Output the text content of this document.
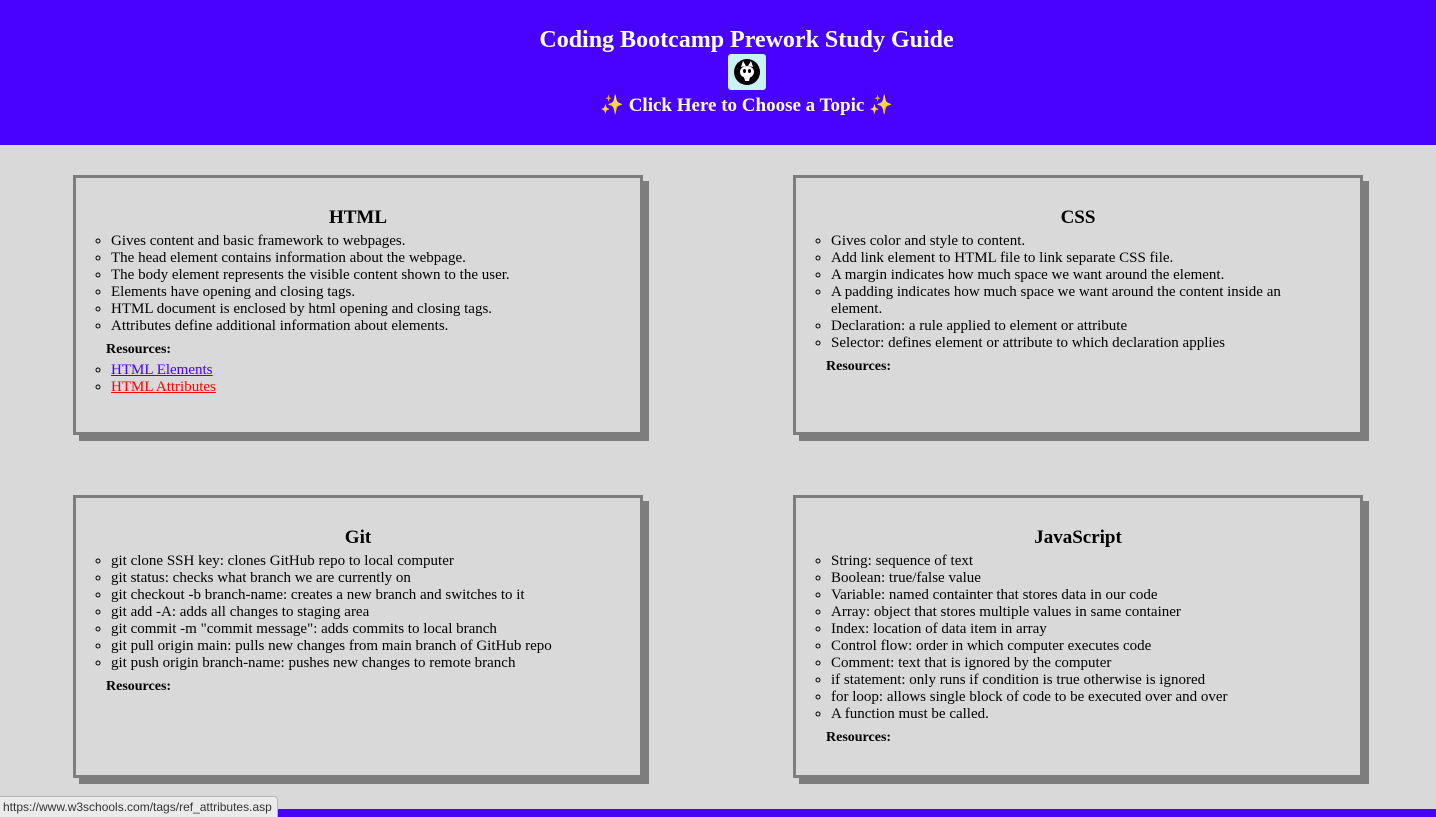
Coding Bootcamp Prework Study Guide
✨ Click Here to Choose a Topic ✨
HTML
◦ Gives content and basic framework to webpages.
◦ The head element contains information about the webpage.
◦ The body element represents the visible content shown to the user.
◦ Elements have opening and closing tags.
◦ HTML document is enclosed by html opening and closing tags.
◦ Attributes define additional information about elements.
Resources:
◦ HTML Elements
◦ HTML Attributes
CSS
◦ Gives color and style to content.
◦ Add link element to HTML file to link separate CSS file.
◦ A margin indicates how much space we want around the element.
◦ A padding indicates how much space we want around the content inside an element.
◦ Declaration: a rule applied to element or attribute
◦ Selector: defines element or attribute to which declaration applies
Resources:
Git
◦ git clone SSH key: clones GitHub repo to local computer
◦ git status: checks what branch we are currently on
◦ git checkout -b branch-name: creates a new branch and switches to it
◦ git add -A: adds all changes to staging area
◦ git commit -m "commit message": adds commits to local branch
◦ git pull origin main: pulls new changes from main branch of GitHub repo
◦ git push origin branch-name: pushes new changes to remote branch
Resources:
JavaScript
◦ String: sequence of text
◦ Boolean: true/false value
◦ Variable: named containter that stores data in our code
◦ Array: object that stores multiple values in same container
◦ Index: location of data item in array
◦ Control flow: order in which computer executes code
◦ Comment: text that is ignored by the computer
◦ if statement: only runs if condition is true otherwise is ignored
◦ for loop: allows single block of code to be executed over and over
◦ A function must be called.
Resources:
https://www.w3schools.com/tags/ref_attributes.asp
